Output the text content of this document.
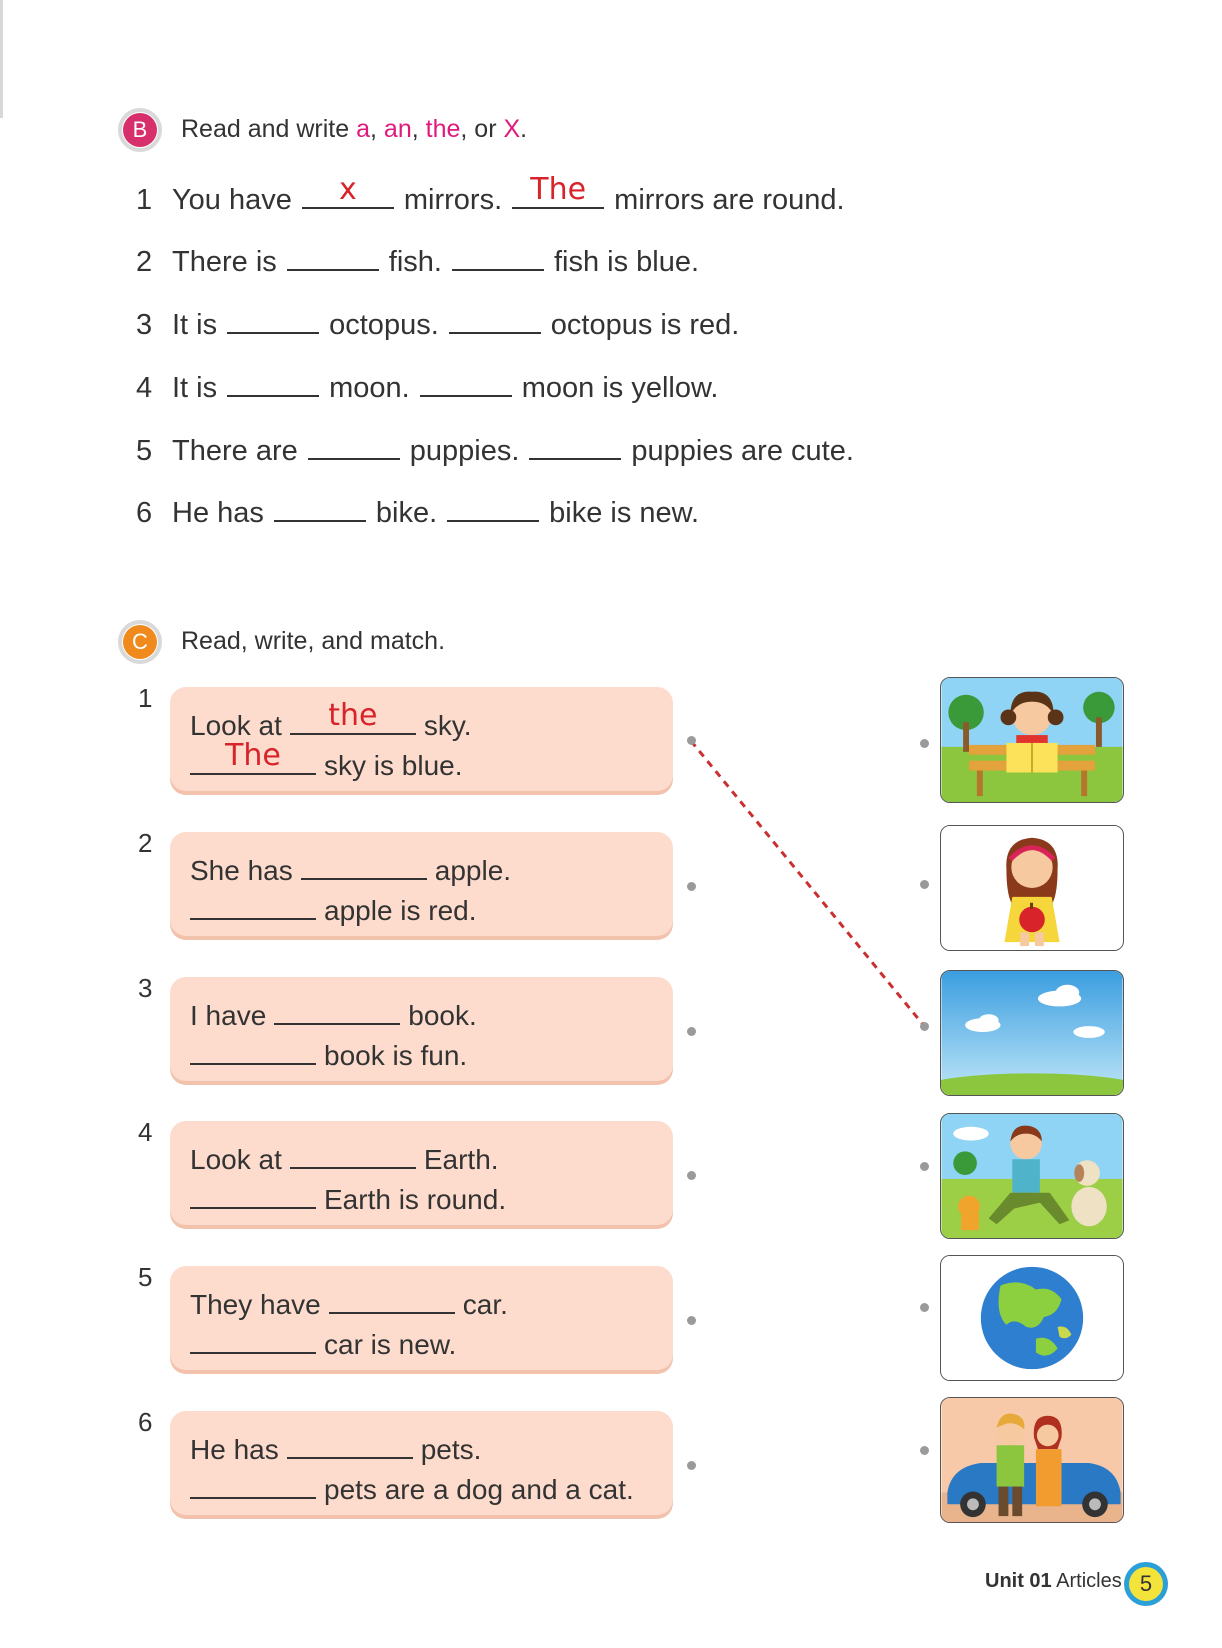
B	Read and write a, an, the, or X.
1 You have	x	mirrors. The mirrors are round.
2 There is	fish.	fish is blue.
3 It is	octopus.	octopus is red.
4 It is	moon.	moon is yellow.
5 There are	puppies.	puppies are cute.
6 He has	bike.	bike is new.
C	Read, write, and match.
1
Look at	the	sky.
The	sky is blue.
2
She has	apple.
apple is red.
3
I have	book.
book is fun.
4
Look at	Earth.
Earth is round.
5
They have	car.
car is new.
6
He has	pets.
pets are a dog and a cat.
Unit 01 Articles 5
